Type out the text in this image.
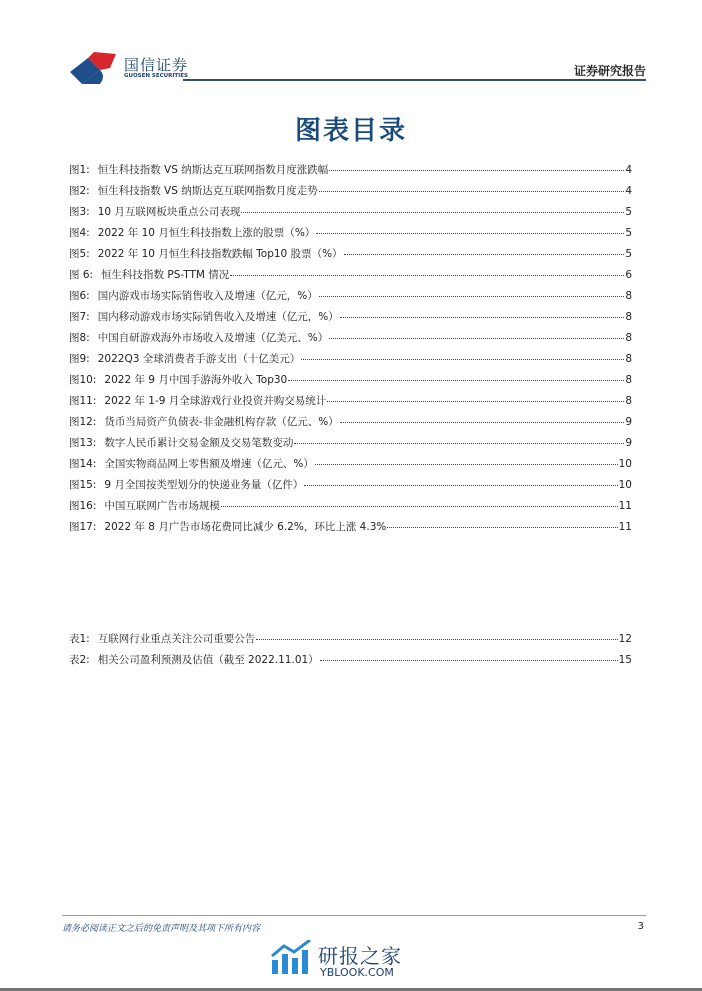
国信证券
GUOSEN SECURITIES	证券研究报告
图表目录
图1: 恒生科技指数 VS 纳斯达克互联网指数月度涨跌幅	4
图2: 恒生科技指数 VS 纳斯达克互联网指数月度走势	4
图3: 10 月互联网板块重点公司表现	5
图4: 2022 年 10 月恒生科技指数上涨的股票（%）	5
图5: 2022 年 10 月恒生科技指数跌幅 Top10 股票（%）	5
图 6: 恒生科技指数 PS-TTM 情况	6
图6: 国内游戏市场实际销售收入及增速（亿元，%）	8
图7: 国内移动游戏市场实际销售收入及增速（亿元，%）	8
图8: 中国自研游戏海外市场收入及增速（亿美元、%）	8
图9: 2022Q3 全球消费者手游支出（十亿美元）	8
图10: 2022 年 9 月中国手游海外收入 Top30	8
图11: 2022 年 1-9 月全球游戏行业投资并购交易统计	8
图12: 货币当局资产负债表-非金融机构存款（亿元、%）	9
图13: 数字人民币累计交易金额及交易笔数变动	9
图14: 全国实物商品网上零售额及增速（亿元、%）	10
图15: 9 月全国按类型划分的快递业务量（亿件）	10
图16: 中国互联网广告市场规模	11
图17: 2022 年 8 月广告市场花费同比减少 6.2%，环比上涨 4.3%	11
表1: 互联网行业重点关注公司重要公告	12
表2: 相关公司盈利预测及估值（截至 2022.11.01）	15
请务必阅读正文之后的免责声明及其项下所有内容	3
研报之家
YBLOOK.COM
